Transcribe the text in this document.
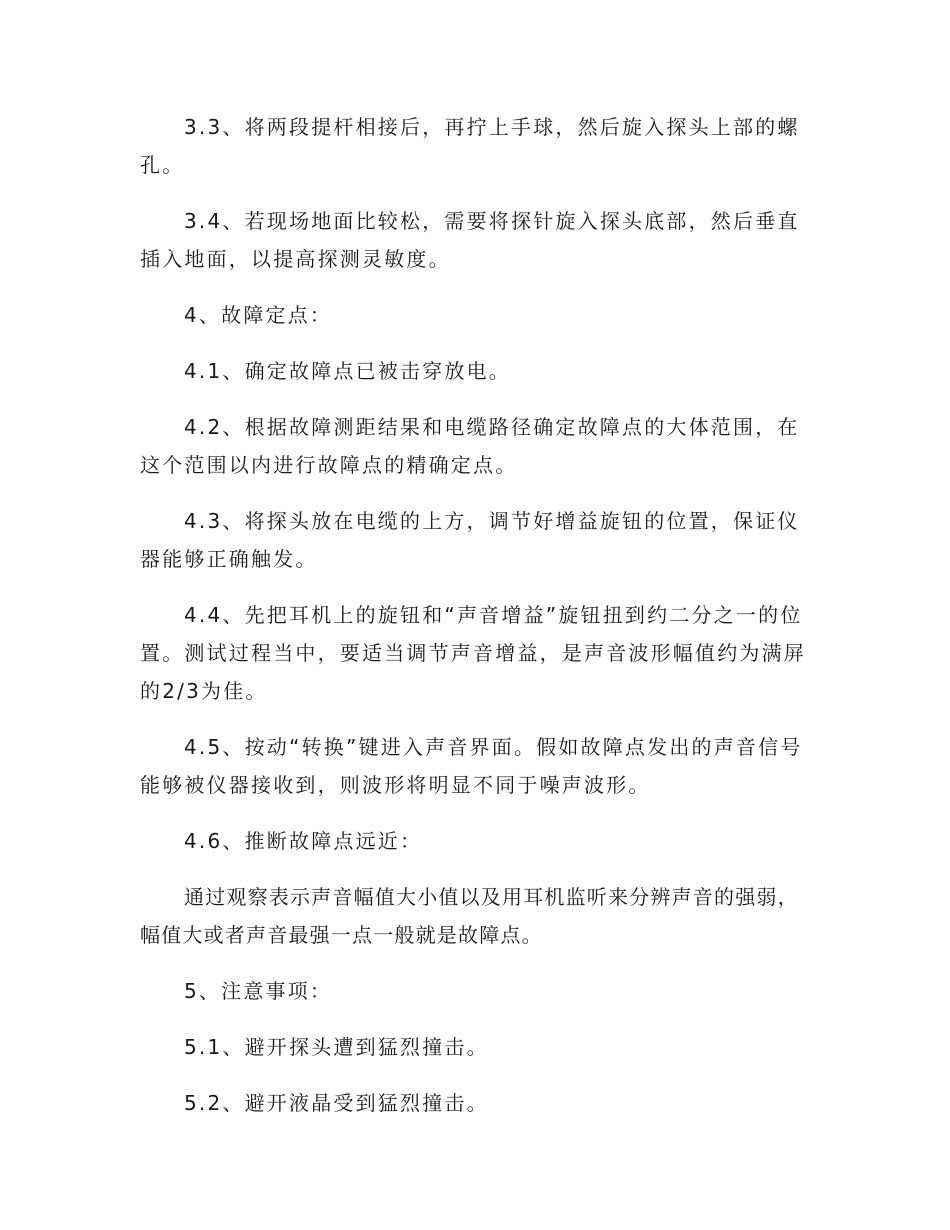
3.3、将两段提杆相接后，再拧上手球，然后旋入探头上部的螺孔。

3.4、若现场地面比较松，需要将探针旋入探头底部，然后垂直插入地面，以提高探测灵敏度。

4、故障定点：

4.1、确定故障点已被击穿放电。

4.2、根据故障测距结果和电缆路径确定故障点的大体范围，在这个范围以内进行故障点的精确定点。

4.3、将探头放在电缆的上方，调节好增益旋钮的位置，保证仪器能够正确触发。

4.4、先把耳机上的旋钮和“声音增益”旋钮扭到约二分之一的位置。测试过程当中，要适当调节声音增益，是声音波形幅值约为满屏的2/3为佳。

4.5、按动“转换”键进入声音界面。假如故障点发出的声音信号能够被仪器接收到，则波形将明显不同于噪声波形。

4.6、推断故障点远近：

通过观察表示声音幅值大小值以及用耳机监听来分辨声音的强弱，幅值大或者声音最强一点一般就是故障点。

5、注意事项：

5.1、避开探头遭到猛烈撞击。

5.2、避开液晶受到猛烈撞击。
